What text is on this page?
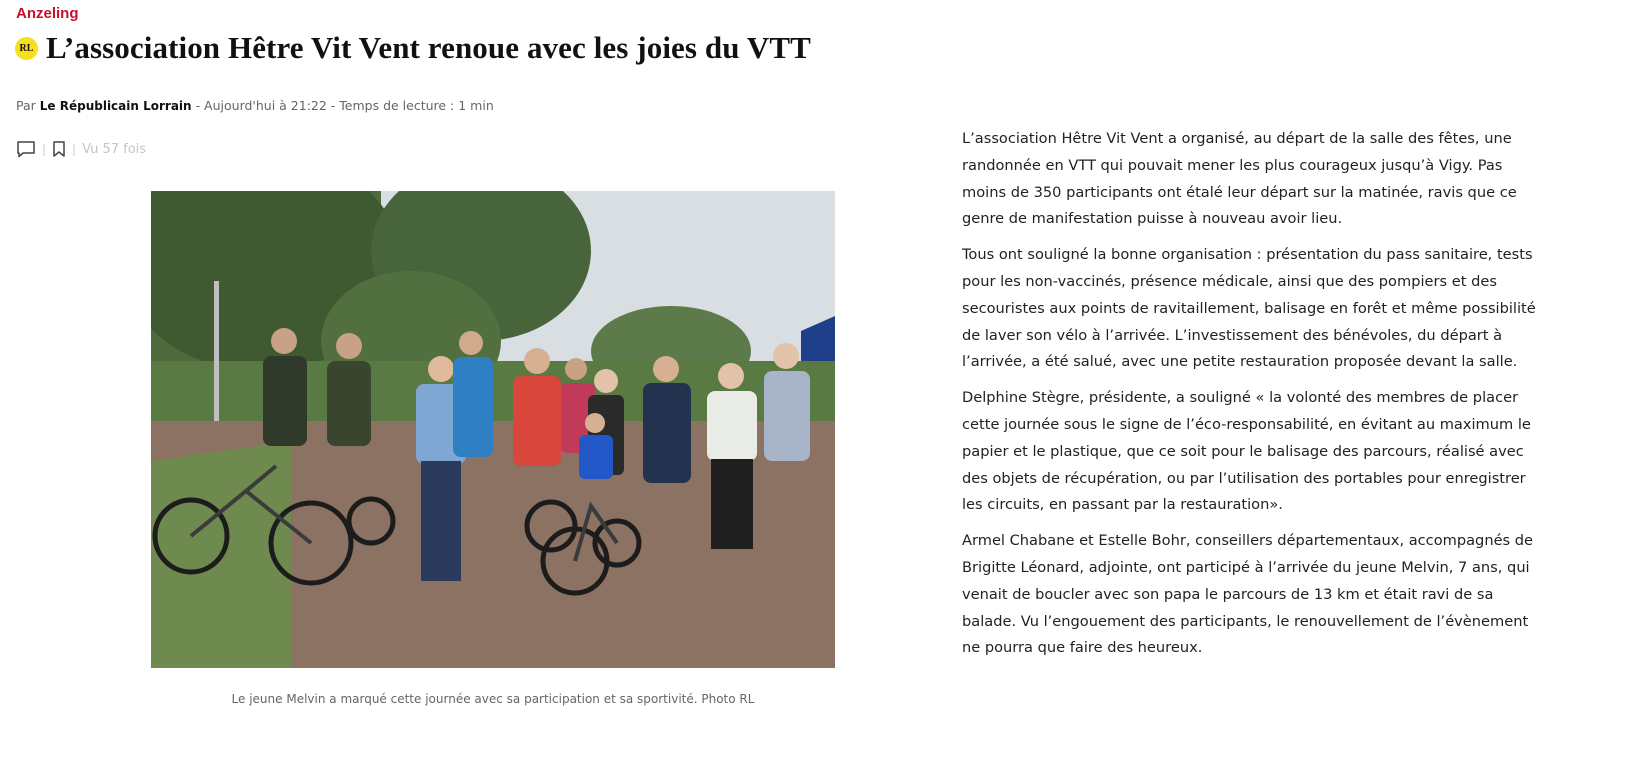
Anzeling
RL L’association Hêtre Vit Vent renoue avec les joies du VTT
Par Le Républicain Lorrain - Aujourd'hui à 21:22 - Temps de lecture : 1 min
| | Vu 57 fois
Le jeune Melvin a marqué cette journée avec sa participation et sa sportivité. Photo RL

L’association Hêtre Vit Vent a organisé, au départ de la salle des fêtes, une randonnée en VTT qui pouvait mener les plus courageux jusqu’à Vigy. Pas moins de 350 participants ont étalé leur départ sur la matinée, ravis que ce genre de manifestation puisse à nouveau avoir lieu.

Tous ont souligné la bonne organisation : présentation du pass sanitaire, tests pour les non-vaccinés, présence médicale, ainsi que des pompiers et des secouristes aux points de ravitaillement, balisage en forêt et même possibilité de laver son vélo à l’arrivée. L’investissement des bénévoles, du départ à l’arrivée, a été salué, avec une petite restauration proposée devant la salle.

Delphine Stègre, présidente, a souligné « la volonté des membres de placer cette journée sous le signe de l’éco-responsabilité, en évitant au maximum le papier et le plastique, que ce soit pour le balisage des parcours, réalisé avec des objets de récupération, ou par l’utilisation des portables pour enregistrer les circuits, en passant par la restauration».

Armel Chabane et Estelle Bohr, conseillers départementaux, accompagnés de Brigitte Léonard, adjointe, ont participé à l’arrivée du jeune Melvin, 7 ans, qui venait de boucler avec son papa le parcours de 13 km et était ravi de sa balade. Vu l’engouement des participants, le renouvellement de l’évènement ne pourra que faire des heureux.
